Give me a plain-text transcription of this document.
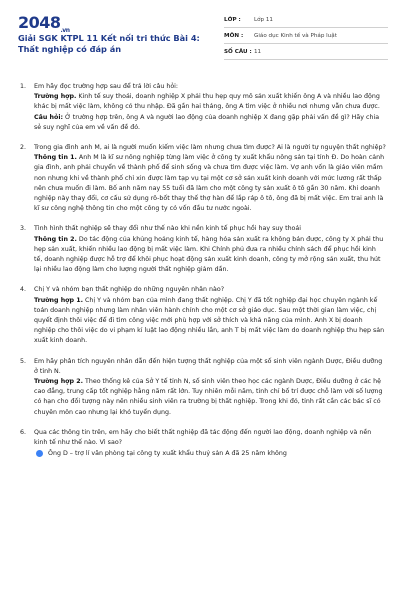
$2048_{.vn}$
Giải SGK KTPL 11 Kết nối tri thức Bài 4: Thất nghiệp có đáp án
LỚP :	Lớp 11
MÔN :	Giáo dục Kinh tế và Pháp luật
SỐ CÂU : 11
1.	Em hãy đọc trường hợp sau để trả lời câu hỏi:

Trường hợp. Kinh tế suy thoái, doanh nghiệp X phải thu hẹp quy mô sản xuất khiến ông A và nhiều lao động khác bị mất việc làm, không có thu nhập. Đã gần hai tháng, ông A tìm việc ở nhiều nơi nhưng vẫn chưa được.

Câu hỏi: Ở trường hợp trên, ông A và người lao động của doanh nghiệp X đang gặp phải vấn đề gì? Hãy chia sẻ suy nghĩ của em về vấn đề đó.

2.	Trong gia đình anh M, ai là người muốn kiếm việc làm nhưng chưa tìm được? Ai là người tự nguyện thất nghiệp?

Thông tin 1. Anh M là kĩ sư nông nghiệp từng làm việc ở công ty xuất khẩu nông sản tại tỉnh Đ. Do hoàn cảnh gia đình, anh phải chuyển về thành phố để sinh sống và chưa tìm được việc làm. Vợ anh vốn là giáo viên mầm non nhưng khi về thành phố chỉ xin được làm tạp vụ tại một cơ sở sản xuất kinh doanh với mức lương rất thấp nên chưa muốn đi làm. Bố anh năm nay 55 tuổi đã làm cho một công ty sản xuất ô tô gần 30 năm. Khi doanh nghiệp này thay đổi, cơ cấu sử dụng rô-bốt thay thế thợ hàn để lắp ráp ô tô, ông đã bị mất việc. Em trai anh là kĩ sư công nghệ thông tin cho một công ty có vốn đầu tư nước ngoài.

3.	Tình hình thất nghiệp sẽ thay đổi như thế nào khi nền kinh tế phục hồi hay suy thoái

Thông tin 2. Do tác động của khủng hoảng kinh tế, hàng hóa sản xuất ra không bán được, công ty X phải thu hẹp sản xuất, khiến nhiều lao động bị mất việc làm. Khi Chính phủ đưa ra nhiều chính sách để phục hồi kinh tế, doanh nghiệp được hỗ trợ để khôi phục hoạt động sản xuất kinh doanh, công ty mở rộng sản xuất, thu hút lại nhiều lao động làm cho lượng người thất nghiệp giảm dần.

4.	Chị Y và nhóm bạn thất nghiệp do những nguyên nhân nào?

Trường hợp 1. Chị Y và nhóm bạn của mình đang thất nghiệp. Chị Y đã tốt nghiệp đại học chuyên ngành kế toán doanh nghiệp nhưng làm nhân viên hành chính cho một cơ sở giáo dục. Sau một thời gian làm việc, chị quyết định thôi việc để đi tìm công việc mới phù hợp với sở thích và khả năng của mình. Anh X bị doanh nghiệp cho thôi việc do vi phạm kỉ luật lao động nhiều lần, anh T bị mất việc làm do doanh nghiệp thu hẹp sản xuất kinh doanh.

5.	Em hãy phân tích nguyên nhân dẫn đến hiện tượng thất nghiệp của một số sinh viên ngành Dược, Điều dưỡng ở tỉnh N.

Trường hợp 2. Theo thống kê của Sở Y tế tỉnh N, số sinh viên theo học các ngành Dược, Điều dưỡng ở các hệ cao đẳng, trung cấp tốt nghiệp hằng năm rất lớn. Tuy nhiên mỗi năm, tỉnh chỉ bố trí được chỗ làm với số lượng có hạn cho đối tượng này nên nhiều sinh viên ra trường bị thất nghiệp. Trong khi đó, tỉnh rất cần các bác sĩ có chuyên môn cao nhưng lại khó tuyển dụng.

6.	Qua các thông tin trên, em hãy cho biết thất nghiệp đã tác động đến người lao động, doanh nghiệp và nền kinh tế như thế nào. Vì sao?

Ông D – trợ lí văn phòng tại công ty xuất khẩu thuỷ sản A đã 25 năm không
